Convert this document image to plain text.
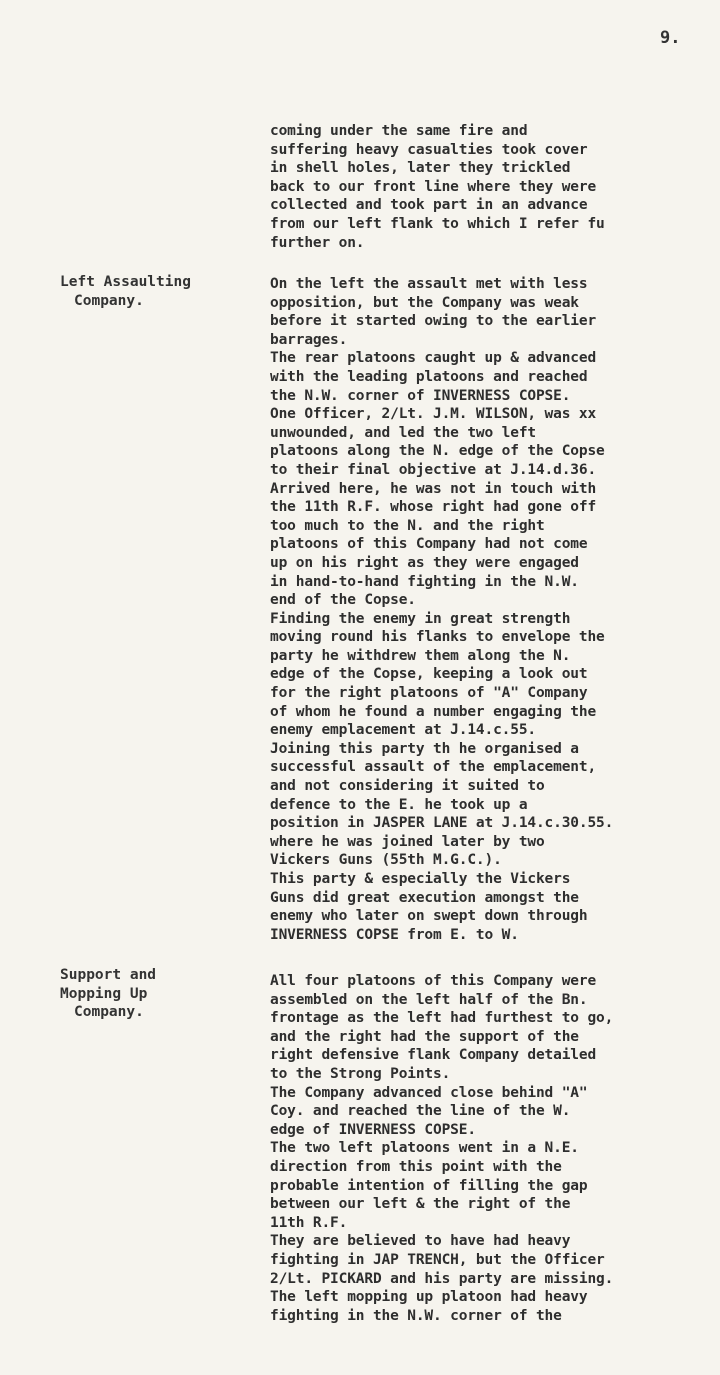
9.
coming under the same fire and
suffering heavy casualties took cover
in shell holes, later they trickled
back to our front line where they were
collected and took part in an advance
from our left flank to which I refer fu
further on.
Left Assaulting
Company.
On the left the assault met with less
opposition, but the Company was weak
before it started owing to the earlier
barrages.
The rear platoons caught up & advanced
with the leading platoons and reached
the N.W. corner of INVERNESS COPSE.
One Officer, 2/Lt. J.M. WILSON, was xx
unwounded, and led the two left
platoons along the N. edge of the Copse
to their final objective at J.14.d.36.
Arrived here, he was not in touch with
the 11th R.F. whose right had gone off
too much to the N. and the right
platoons of this Company had not come
up on his right as they were engaged
in hand-to-hand fighting in the N.W.
end of the Copse.
Finding the enemy in great strength
moving round his flanks to envelope the
party he withdrew them along the N.
edge of the Copse, keeping a look out
for the right platoons of "A" Company
of whom he found a number engaging the
enemy emplacement at J.14.c.55.
Joining this party th he organised a
successful assault of the emplacement,
and not considering it suited to
defence to the E. he took up a
position in JASPER LANE at J.14.c.30.55.
where he was joined later by two
Vickers Guns (55th M.G.C.).
This party & especially the Vickers
Guns did great execution amongst the
enemy who later on swept down through
INVERNESS COPSE from E. to W.
Support and
Mopping Up
Company.
All four platoons of this Company were
assembled on the left half of the Bn.
frontage as the left had furthest to go,
and the right had the support of the
right defensive flank Company detailed
to the Strong Points.
The Company advanced close behind "A"
Coy. and reached the line of the W.
edge of INVERNESS COPSE.
The two left platoons went in a N.E.
direction from this point with the
probable intention of filling the gap
between our left & the right of the
11th R.F.
They are believed to have had heavy
fighting in JAP TRENCH, but the Officer
2/Lt. PICKARD and his party are missing.
The left mopping up platoon had heavy
fighting in the N.W. corner of the
